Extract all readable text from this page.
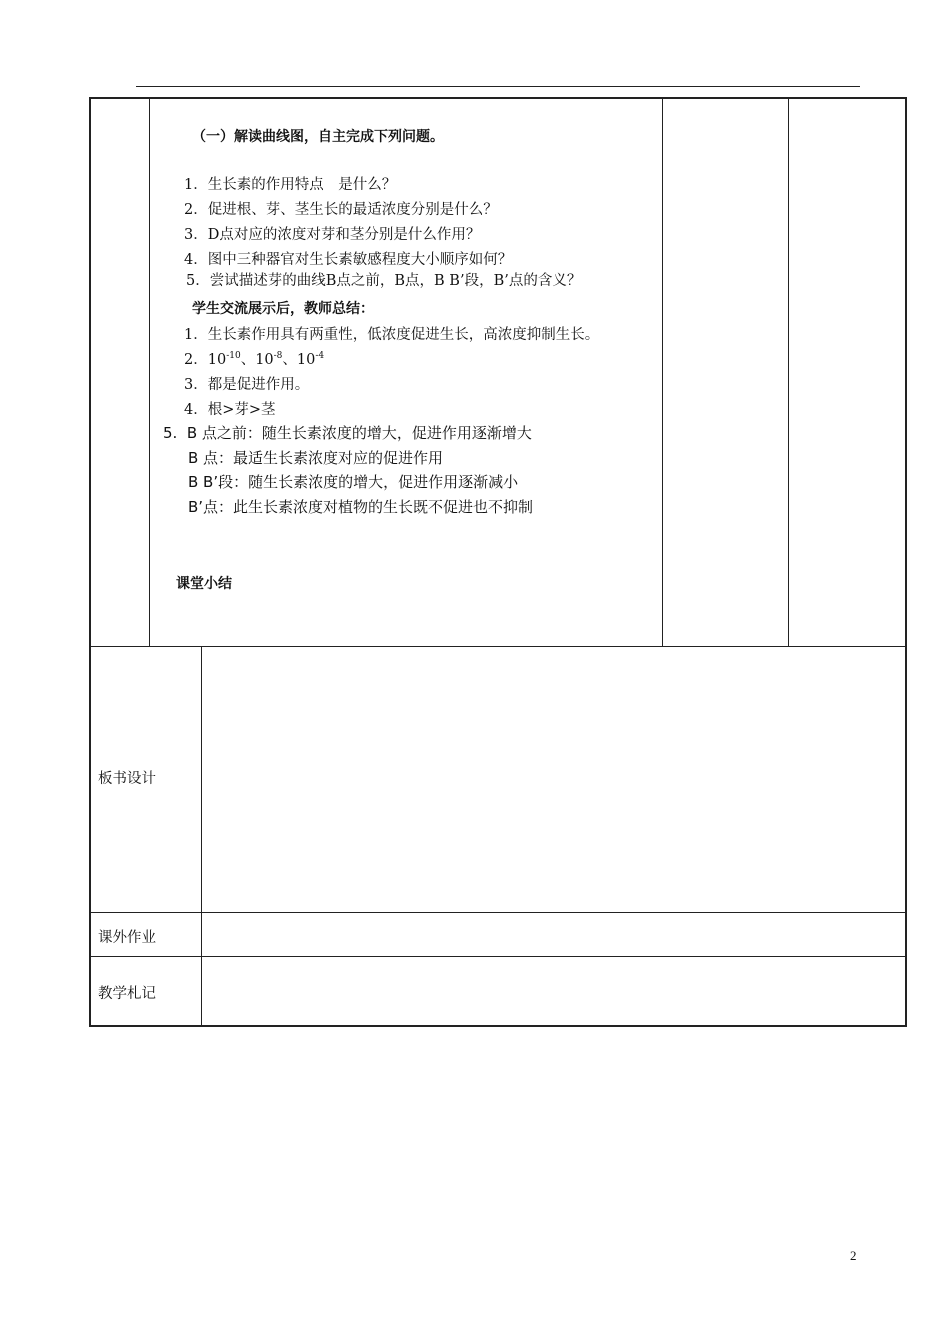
（一）解读曲线图，自主完成下列问题。
1．生长素的作用特点　是什么？
2．促进根、芽、茎生长的最适浓度分别是什么？
3．D点对应的浓度对芽和茎分别是什么作用？
4．图中三种器官对生长素敏感程度大小顺序如何？
5．尝试描述芽的曲线B点之前，B点，B B’段，B’点的含义？
学生交流展示后，教师总结：
1．生长素作用具有两重性，低浓度促进生长，高浓度抑制生长。
2．$10^{-10}$、$10^{-8}$、$10^{-4}$
3．都是促进作用。
4．根>芽>茎
5.  B 点之前：随生长素浓度的增大，促进作用逐渐增大
B 点：最适生长素浓度对应的促进作用
B B’段：随生长素浓度的增大，促进作用逐渐减小
B’点：此生长素浓度对植物的生长既不促进也不抑制
课堂小结
板书设计
课外作业
教学札记
2
